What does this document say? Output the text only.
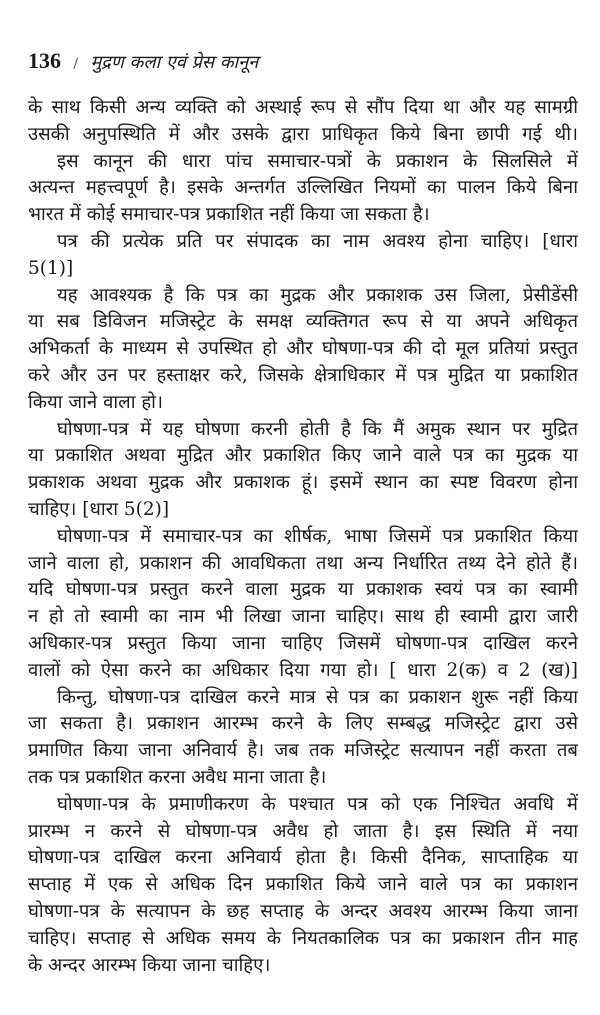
136 / मुद्रण कला एवं प्रेस कानून
के साथ किसी अन्य व्यक्ति को अस्थाई रूप से सौंप दिया था और यह सामग्री
उसकी अनुपस्थिति में और उसके द्वारा प्राधिकृत किये बिना छापी गई थी।
इस कानून की धारा पांच समाचार-पत्रों के प्रकाशन के सिलसिले में
अत्यन्त महत्त्वपूर्ण है। इसके अन्तर्गत उल्लिखित नियमों का पालन किये बिना
भारत में कोई समाचार-पत्र प्रकाशित नहीं किया जा सकता है।
पत्र की प्रत्येक प्रति पर संपादक का नाम अवश्य होना चाहिए। [धारा
5(1)]
यह आवश्यक है कि पत्र का मुद्रक और प्रकाशक उस जिला, प्रेसीडेंसी
या सब डिविजन मजिस्ट्रेट के समक्ष व्यक्तिगत रूप से या अपने अधिकृत
अभिकर्ता के माध्यम से उपस्थित हो और घोषणा-पत्र की दो मूल प्रतियां प्रस्तुत
करे और उन पर हस्ताक्षर करे, जिसके क्षेत्राधिकार में पत्र मुद्रित या प्रकाशित
किया जाने वाला हो।
घोषणा-पत्र में यह घोषणा करनी होती है कि मैं अमुक स्थान पर मुद्रित
या प्रकाशित अथवा मुद्रित और प्रकाशित किए जाने वाले पत्र का मुद्रक या
प्रकाशक अथवा मुद्रक और प्रकाशक हूं। इसमें स्थान का स्पष्ट विवरण होना
चाहिए। [धारा 5(2)]
घोषणा-पत्र में समाचार-पत्र का शीर्षक, भाषा जिसमें पत्र प्रकाशित किया
जाने वाला हो, प्रकाशन की आवधिकता तथा अन्य निर्धारित तथ्य देने होते हैं।
यदि घोषणा-पत्र प्रस्तुत करने वाला मुद्रक या प्रकाशक स्वयं पत्र का स्वामी
न हो तो स्वामी का नाम भी लिखा जाना चाहिए। साथ ही स्वामी द्वारा जारी
अधिकार-पत्र प्रस्तुत किया जाना चाहिए जिसमें घोषणा-पत्र दाखिल करने
वालों को ऐसा करने का अधिकार दिया गया हो। [ धारा 2(क) व 2 (ख)]
किन्तु, घोषणा-पत्र दाखिल करने मात्र से पत्र का प्रकाशन शुरू नहीं किया
जा सकता है। प्रकाशन आरम्भ करने के लिए सम्बद्ध मजिस्ट्रेट द्वारा उसे
प्रमाणित किया जाना अनिवार्य है। जब तक मजिस्ट्रेट सत्यापन नहीं करता तब
तक पत्र प्रकाशित करना अवैध माना जाता है।
घोषणा-पत्र के प्रमाणीकरण के पश्चात पत्र को एक निश्चित अवधि में
प्रारम्भ न करने से घोषणा-पत्र अवैध हो जाता है। इस स्थिति में नया
घोषणा-पत्र दाखिल करना अनिवार्य होता है। किसी दैनिक, साप्ताहिक या
सप्ताह में एक से अधिक दिन प्रकाशित किये जाने वाले पत्र का प्रकाशन
घोषणा-पत्र के सत्यापन के छह सप्ताह के अन्दर अवश्य आरम्भ किया जाना
चाहिए। सप्ताह से अधिक समय के नियतकालिक पत्र का प्रकाशन तीन माह
के अन्दर आरम्भ किया जाना चाहिए।
